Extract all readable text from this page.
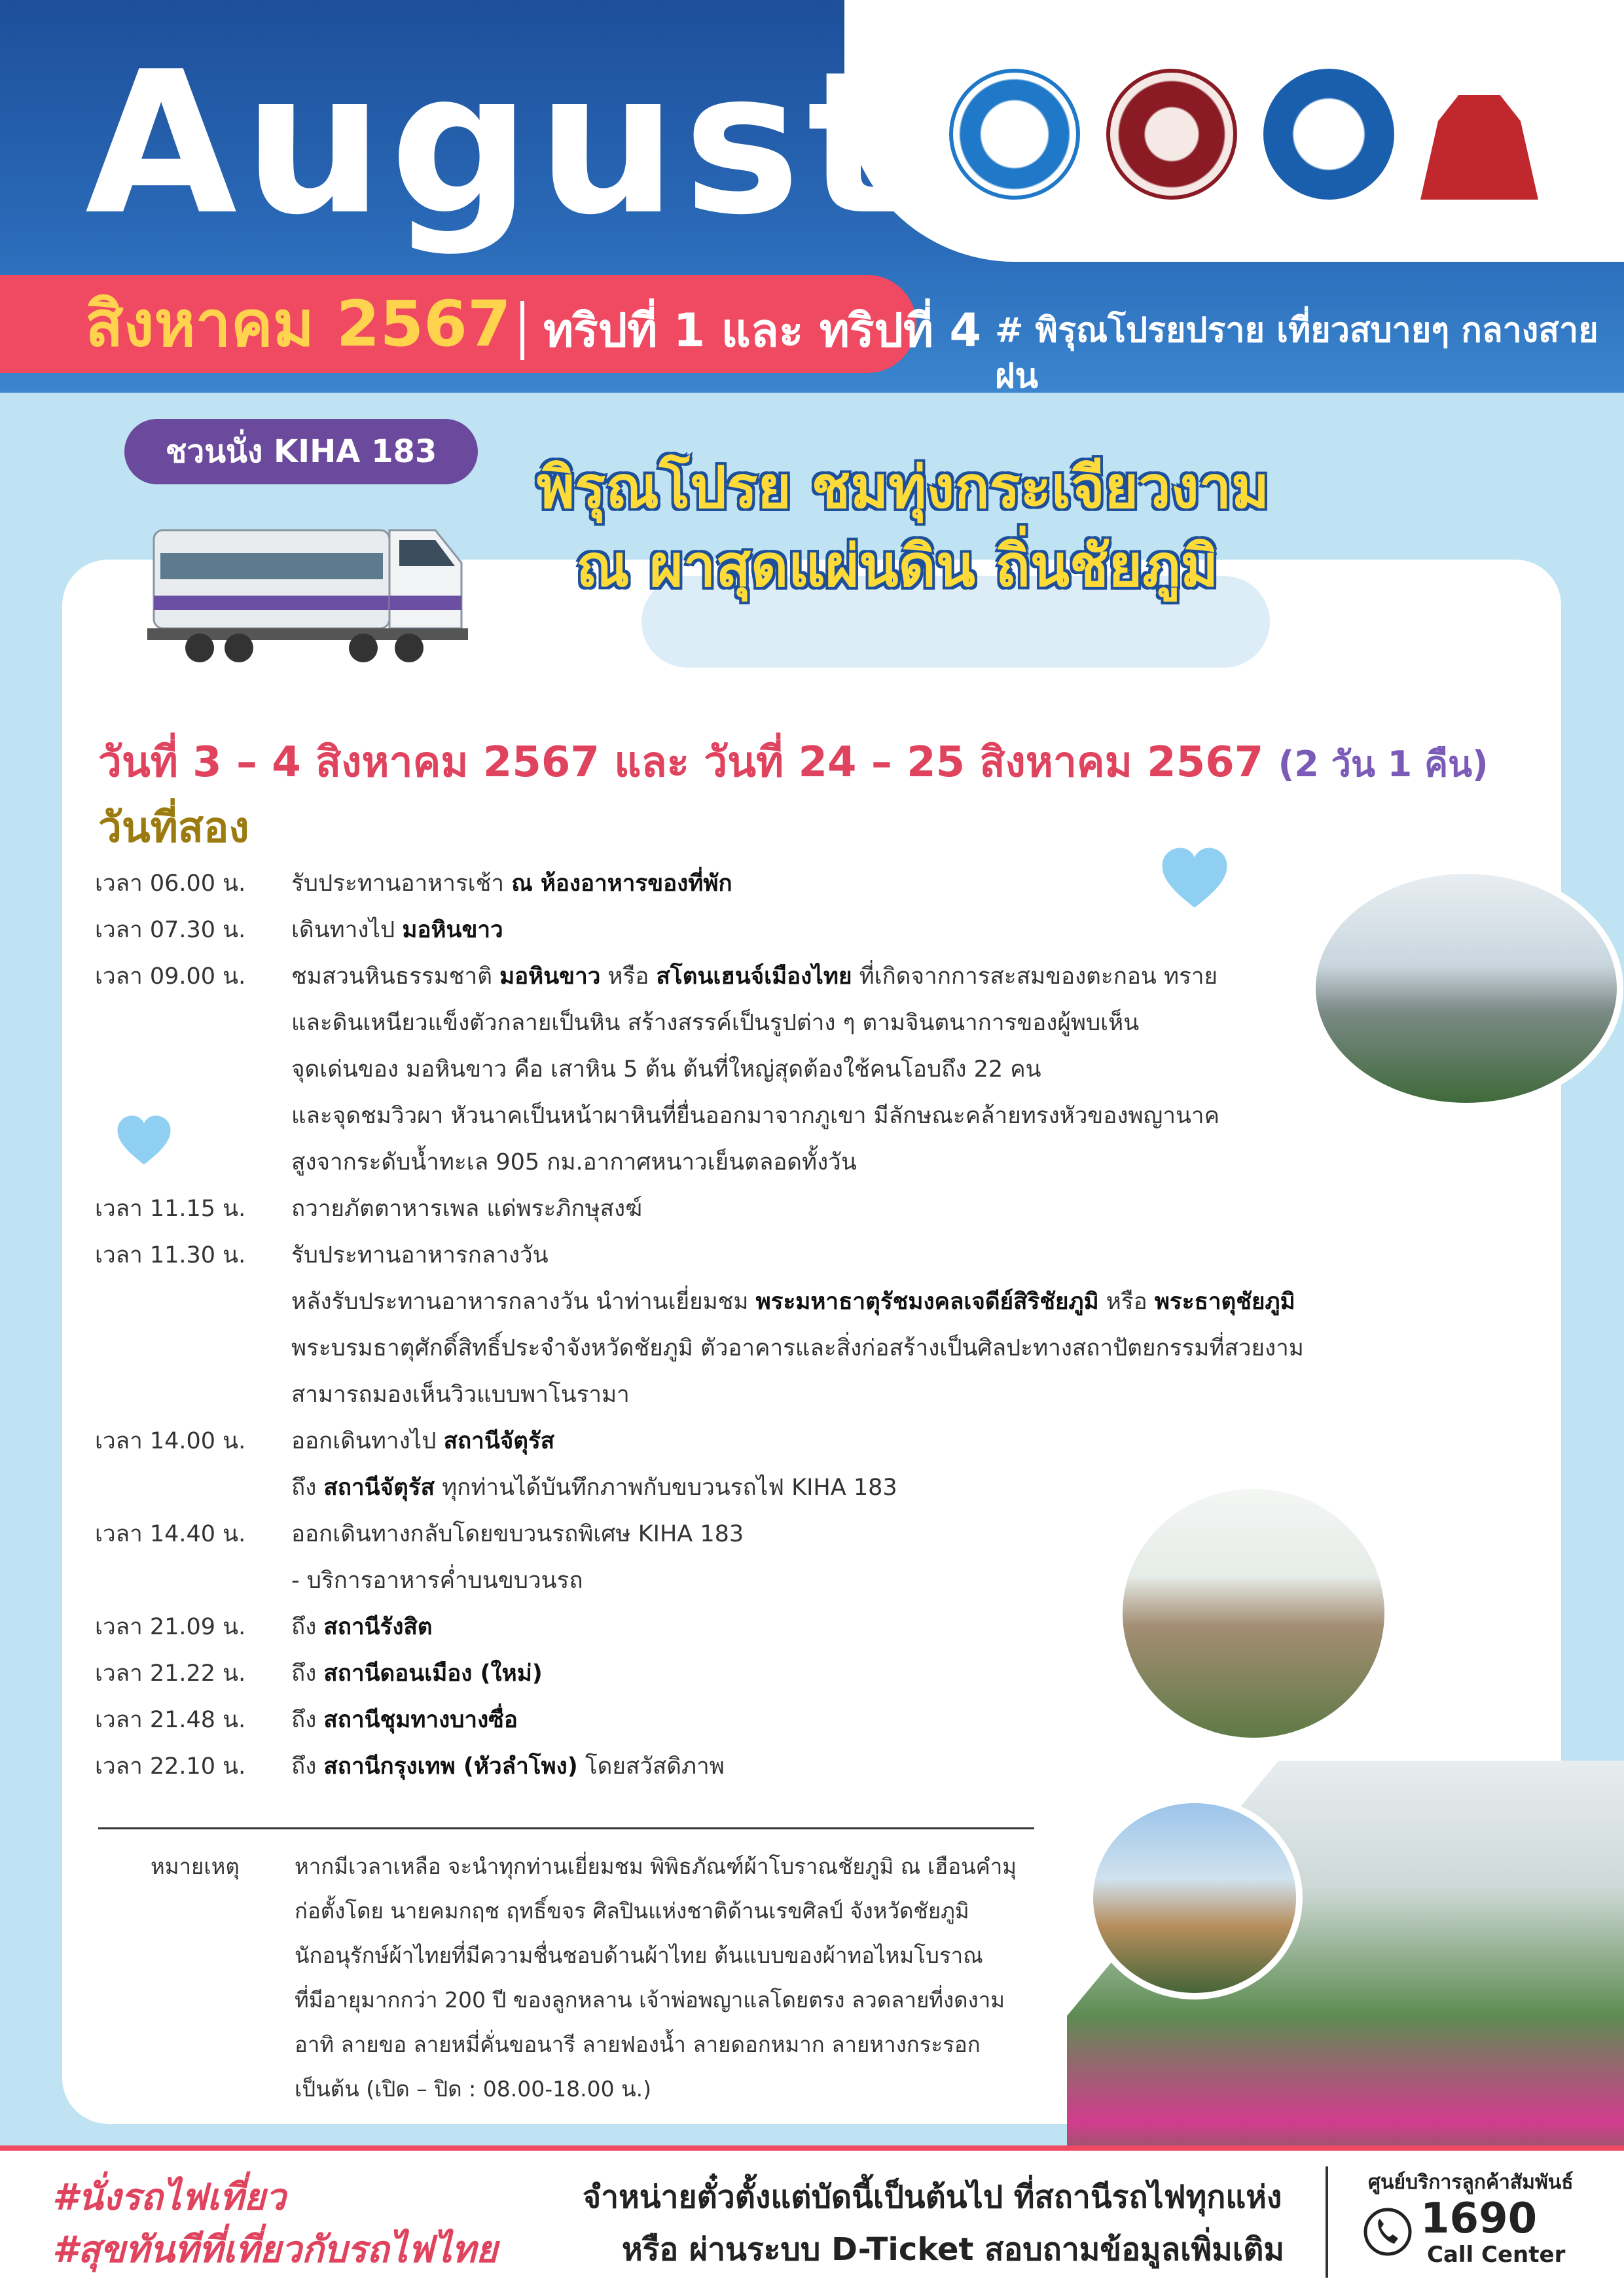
August
สิงหาคม 2567 ทริปที่ 1 และ ทริปที่ 4 # พิรุณโปรยปราย เที่ยวสบายๆ กลางสายฝน
ชวนนั่ง KIHA 183
พิรุณโปรย ชมทุ่งกระเจียวงาม
ณ ผาสุดแผ่นดิน ถิ่นชัยภูมิ
วันที่ 3 – 4 สิงหาคม 2567 และ วันที่ 24 – 25 สิงหาคม 2567 (2 วัน 1 คืน)
วันที่สอง
เวลา 06.00 น.	รับประทานอาหารเช้า ณ ห้องอาหารของที่พัก
เวลา 07.30 น.	เดินทางไป มอหินขาว
เวลา 09.00 น.	ชมสวนหินธรรมชาติ มอหินขาว หรือ สโตนเฮนจ์เมืองไทย ที่เกิดจากการสะสมของตะกอน ทราย
และดินเหนียวแข็งตัวกลายเป็นหิน สร้างสรรค์เป็นรูปต่าง ๆ ตามจินตนาการของผู้พบเห็น
จุดเด่นของ มอหินขาว คือ เสาหิน 5 ต้น ต้นที่ใหญ่สุดต้องใช้คนโอบถึง 22 คน
และจุดชมวิวผา หัวนาคเป็นหน้าผาหินที่ยื่นออกมาจากภูเขา มีลักษณะคล้ายทรงหัวของพญานาค
สูงจากระดับน้ำทะเล 905 กม.อากาศหนาวเย็นตลอดทั้งวัน
เวลา 11.15 น.	ถวายภัตตาหารเพล แด่พระภิกษุสงฆ์
เวลา 11.30 น.	รับประทานอาหารกลางวัน
หลังรับประทานอาหารกลางวัน นำท่านเยี่ยมชม พระมหาธาตุรัชมงคลเจดีย์สิริชัยภูมิ หรือ พระธาตุชัยภูมิ
พระบรมธาตุศักดิ์สิทธิ์ประจำจังหวัดชัยภูมิ ตัวอาคารและสิ่งก่อสร้างเป็นศิลปะทางสถาปัตยกรรมที่สวยงาม
สามารถมองเห็นวิวแบบพาโนรามา
เวลา 14.00 น.	ออกเดินทางไป สถานีจัตุรัส
ถึง สถานีจัตุรัส ทุกท่านได้บันทึกภาพกับขบวนรถไฟ KIHA 183
เวลา 14.40 น.	ออกเดินทางกลับโดยขบวนรถพิเศษ KIHA 183
- บริการอาหารค่ำบนขบวนรถ
เวลา 21.09 น.	ถึง สถานีรังสิต
เวลา 21.22 น.	ถึง สถานีดอนเมือง (ใหม่)
เวลา 21.48 น.	ถึง สถานีชุมทางบางซื่อ
เวลา 22.10 น.	ถึง สถานีกรุงเทพ (หัวลำโพง) โดยสวัสดิภาพ
หมายเหตุ	หากมีเวลาเหลือ จะนำทุกท่านเยี่ยมชม พิพิธภัณฑ์ผ้าโบราณชัยภูมิ ณ เฮือนคำมุ
ก่อตั้งโดย นายคมกฤช ฤทธิ์ขจร ศิลปินแห่งชาติด้านเรขศิลป์ จังหวัดชัยภูมิ
นักอนุรักษ์ผ้าไทยที่มีความชื่นชอบด้านผ้าไทย ต้นแบบของผ้าทอไหมโบราณ
ที่มีอายุมากกว่า 200 ปี ของลูกหลาน เจ้าพ่อพญาแลโดยตรง ลวดลายที่งดงาม
อาทิ ลายขอ ลายหมี่คั่นขอนารี ลายฟองน้ำ ลายดอกหมาก ลายหางกระรอก
เป็นต้น (เปิด – ปิด : 08.00-18.00 น.)
#นั่งรถไฟเที่ยว
#สุขทันทีที่เที่ยวกับรถไฟไทย
จำหน่ายตั๋วตั้งแต่บัดนี้เป็นต้นไป ที่สถานีรถไฟทุกแห่ง
หรือ ผ่านระบบ D-Ticket สอบถามข้อมูลเพิ่มเติม
ศูนย์บริการลูกค้าสัมพันธ์
1690
Call Center
